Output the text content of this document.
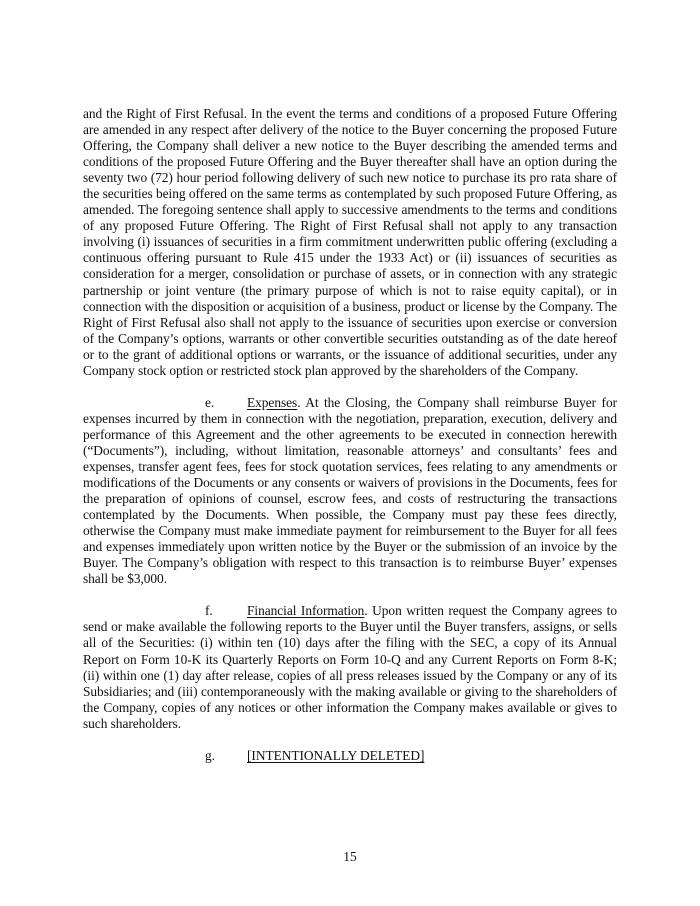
and the Right of First Refusal. In the event the terms and conditions of a proposed Future Offering are amended in any respect after delivery of the notice to the Buyer concerning the proposed Future Offering, the Company shall deliver a new notice to the Buyer describing the amended terms and conditions of the proposed Future Offering and the Buyer thereafter shall have an option during the seventy two (72) hour period following delivery of such new notice to purchase its pro rata share of the securities being offered on the same terms as contemplated by such proposed Future Offering, as amended. The foregoing sentence shall apply to successive amendments to the terms and conditions of any proposed Future Offering. The Right of First Refusal shall not apply to any transaction involving (i) issuances of securities in a firm commitment underwritten public offering (excluding a continuous offering pursuant to Rule 415 under the 1933 Act) or (ii) issuances of securities as consideration for a merger, consolidation or purchase of assets, or in connection with any strategic partnership or joint venture (the primary purpose of which is not to raise equity capital), or in connection with the disposition or acquisition of a business, product or license by the Company. The Right of First Refusal also shall not apply to the issuance of securities upon exercise or conversion of the Company’s options, warrants or other convertible securities outstanding as of the date hereof or to the grant of additional options or warrants, or the issuance of additional securities, under any Company stock option or restricted stock plan approved by the shareholders of the Company.

e. Expenses. At the Closing, the Company shall reimburse Buyer for expenses incurred by them in connection with the negotiation, preparation, execution, delivery and performance of this Agreement and the other agreements to be executed in connection herewith (“Documents”), including, without limitation, reasonable attorneys’ and consultants’ fees and expenses, transfer agent fees, fees for stock quotation services, fees relating to any amendments or modifications of the Documents or any consents or waivers of provisions in the Documents, fees for the preparation of opinions of counsel, escrow fees, and costs of restructuring the transactions contemplated by the Documents. When possible, the Company must pay these fees directly, otherwise the Company must make immediate payment for reimbursement to the Buyer for all fees and expenses immediately upon written notice by the Buyer or the submission of an invoice by the Buyer. The Company’s obligation with respect to this transaction is to reimburse Buyer’ expenses shall be $3,000.

f.	Financial Information. Upon written request the Company agrees to send or make available the following reports to the Buyer until the Buyer transfers, assigns, or sells all of the Securities: (i) within ten (10) days after the filing with the SEC, a copy of its Annual Report on Form 10-K its Quarterly Reports on Form 10-Q and any Current Reports on Form 8-K; (ii) within one (1) day after release, copies of all press releases issued by the Company or any of its Subsidiaries; and (iii) contemporaneously with the making available or giving to the shareholders of the Company, copies of any notices or other information the Company makes available or gives to such shareholders.

g. [INTENTIONALLY DELETED]

15
